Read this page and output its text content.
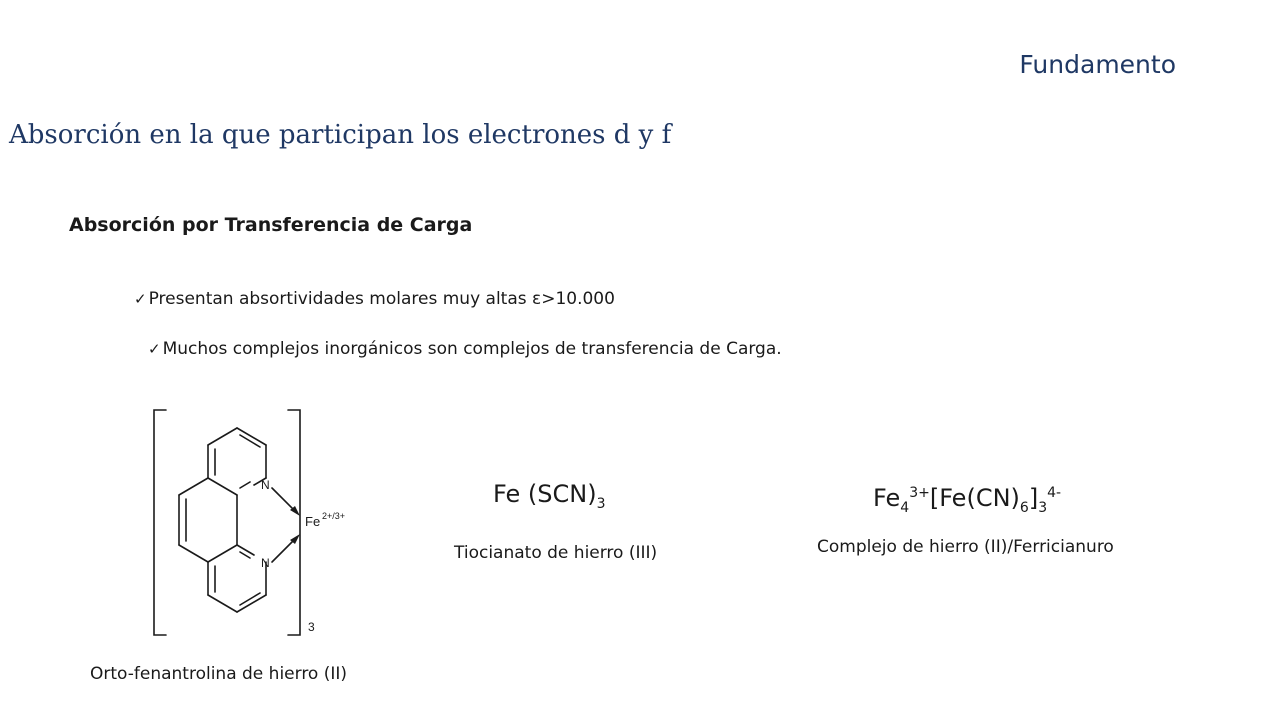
Fundamento
Absorción en la que participan los electrones d y f
Absorción por Transferencia de Carga
✓ Presentan absortividades molares muy altas ε>10.000
✓ Muchos complejos inorgánicos son complejos de transferencia de Carga.
N
N
Fe 2+/3+
3
Orto-fenantrolina de hierro (II)
Fe $(SCN)_3$
Tiocianato de hierro (III)
$Fe_4^{3+}[Fe(CN)_6]_3^{4-}$
Complejo de hierro (II)/Ferricianuro
